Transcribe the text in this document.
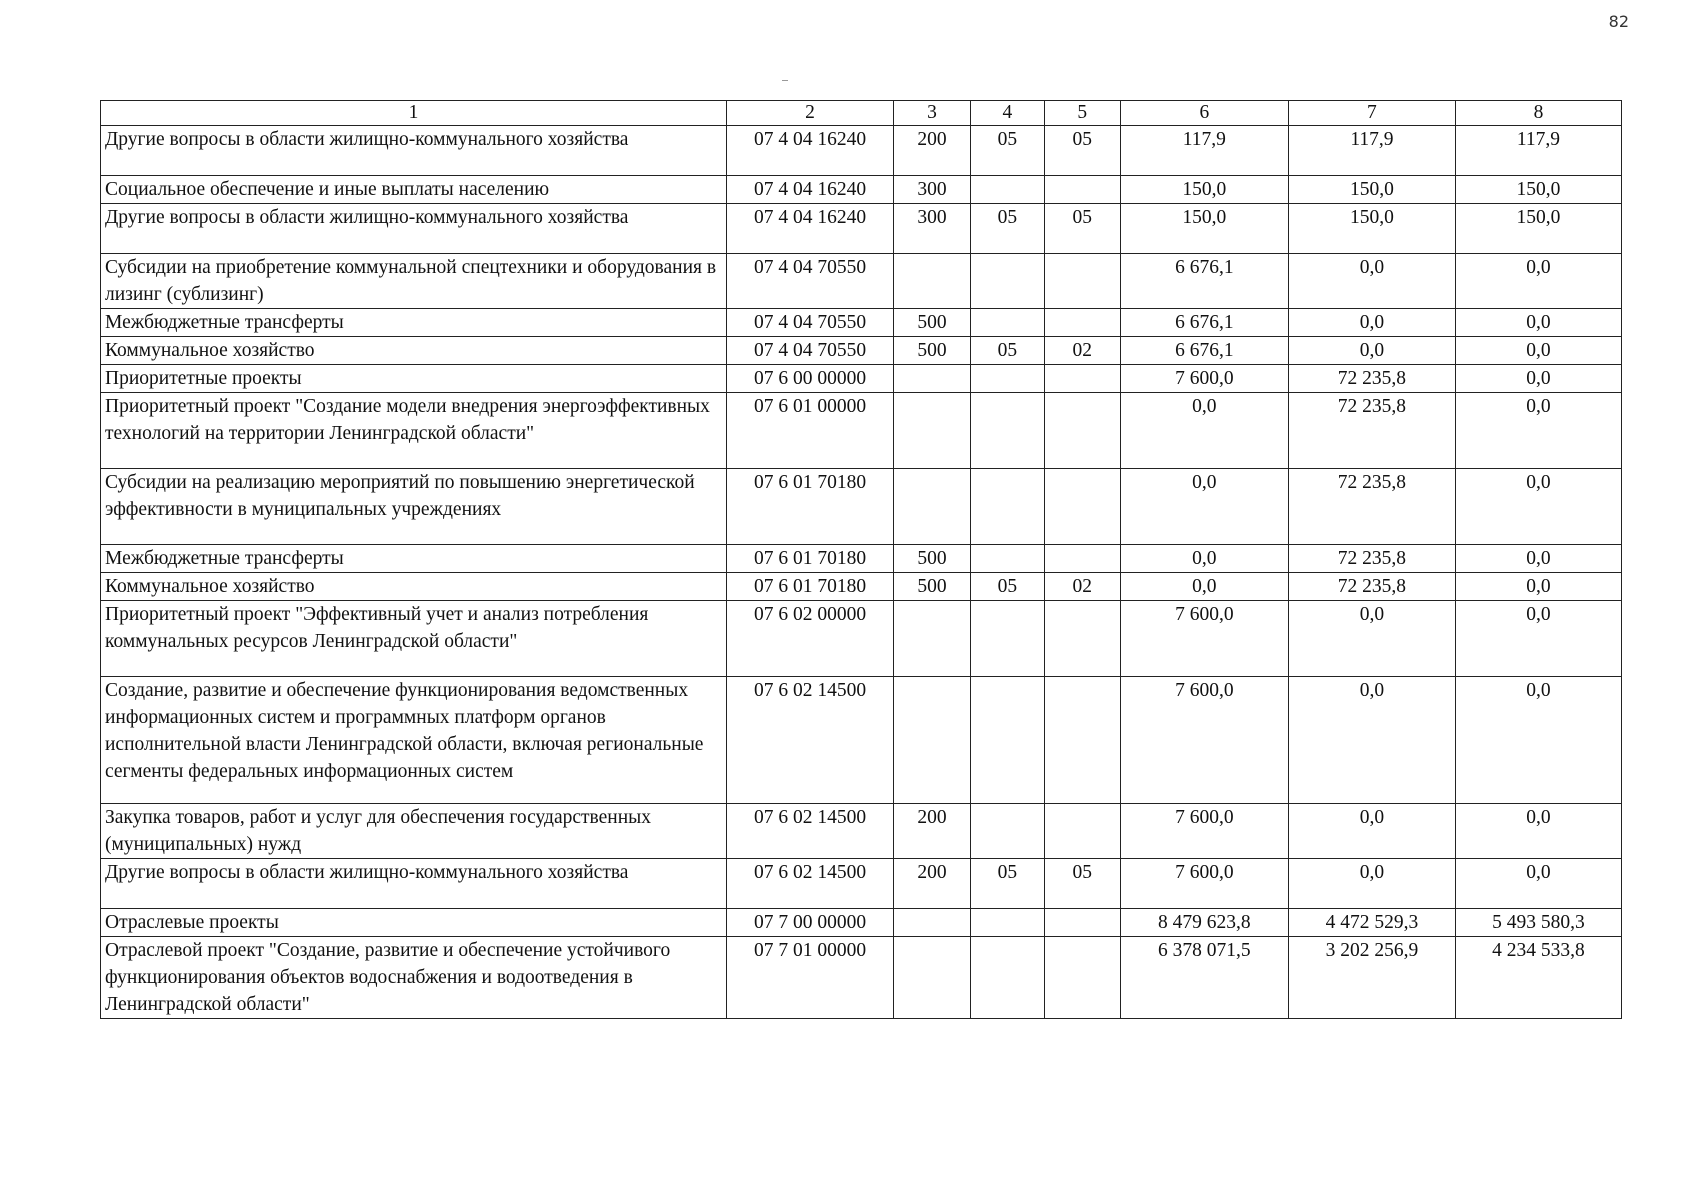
82
1	2	3	4	5	6	7	8
Другие вопросы в области жилищно-коммунального хозяйства	07 4 04 16240	200	05	05	117,9	117,9	117,9
Социальное обеспечение и иные выплаты населению	07 4 04 16240	300			150,0	150,0	150,0
Другие вопросы в области жилищно-коммунального хозяйства	07 4 04 16240	300	05	05	150,0	150,0	150,0
Субсидии на приобретение коммунальной спецтехники и оборудования в лизинг (сублизинг)	07 4 04 70550				6 676,1	0,0	0,0
Межбюджетные трансферты	07 4 04 70550	500			6 676,1	0,0	0,0
Коммунальное хозяйство	07 4 04 70550	500	05	02	6 676,1	0,0	0,0
Приоритетные проекты	07 6 00 00000				7 600,0	72 235,8	0,0
Приоритетный проект "Создание модели внедрения энергоэффективных технологий на территории Ленинградской области"	07 6 01 00000				0,0	72 235,8	0,0
Субсидии на реализацию мероприятий по повышению энергетической эффективности в муниципальных учреждениях	07 6 01 70180				0,0	72 235,8	0,0
Межбюджетные трансферты	07 6 01 70180	500			0,0	72 235,8	0,0
Коммунальное хозяйство	07 6 01 70180	500	05	02	0,0	72 235,8	0,0
Приоритетный проект "Эффективный учет и анализ потребления коммунальных ресурсов Ленинградской области"	07 6 02 00000				7 600,0	0,0	0,0
Создание, развитие и обеспечение функционирования ведомственных информационных систем и программных платформ органов исполнительной власти Ленинградской области, включая региональные сегменты федеральных информационных систем	07 6 02 14500				7 600,0	0,0	0,0
Закупка товаров, работ и услуг для обеспечения государственных (муниципальных) нужд	07 6 02 14500	200			7 600,0	0,0	0,0
Другие вопросы в области жилищно-коммунального хозяйства	07 6 02 14500	200	05	05	7 600,0	0,0	0,0
Отраслевые проекты	07 7 00 00000				8 479 623,8	4 472 529,3	5 493 580,3
Отраслевой проект "Создание, развитие и обеспечение устойчивого функционирования объектов водоснабжения и водоотведения в Ленинградской области"	07 7 01 00000				6 378 071,5	3 202 256,9	4 234 533,8
